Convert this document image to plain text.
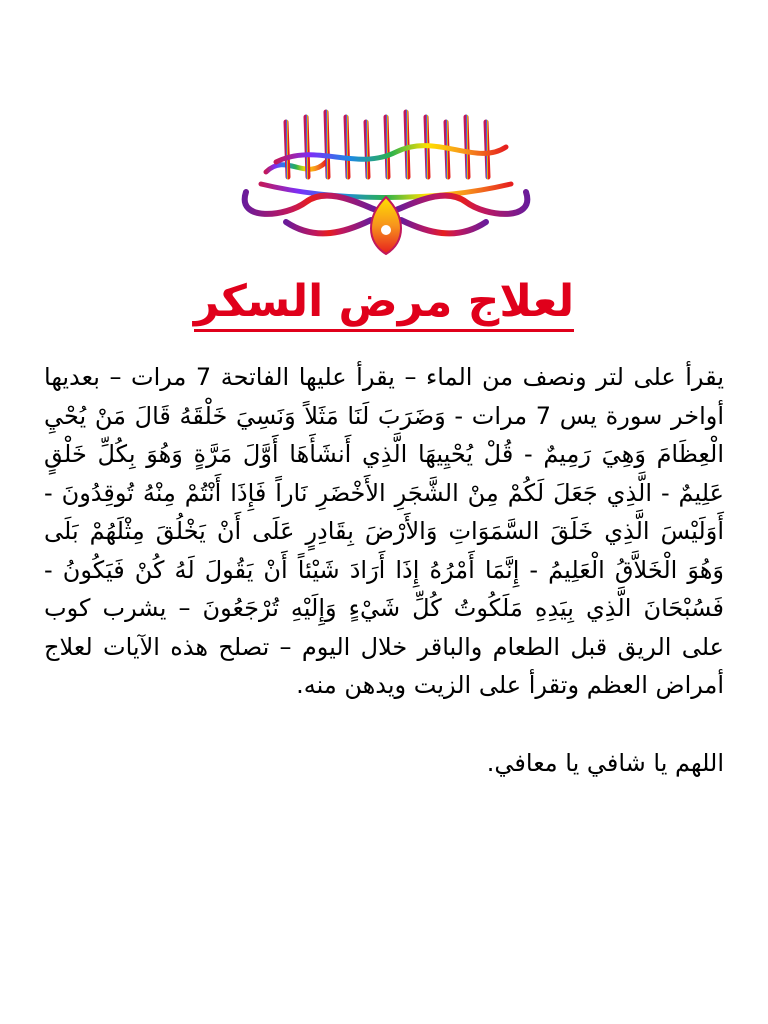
لعلاج مرض السكر
يقرأ على لتر ونصف من الماء – يقرأ عليها الفاتحة 7 مرات – بعديها أواخر سورة يس 7 مرات - وَضَرَبَ لَنَا مَثَلاً وَنَسِيَ خَلْقَهُ قَالَ مَنْ يُحْيِ الْعِظَامَ وَهِيَ رَمِيمٌ - قُلْ يُحْيِيهَا الَّذِي أَنشَأَهَا أَوَّلَ مَرَّةٍ وَهُوَ بِكُلِّ خَلْقٍ عَلِيمٌ - الَّذِي جَعَلَ لَكُمْ مِنْ الشَّجَرِ الأَخْضَرِ نَاراً فَإِذَا أَنْتُمْ مِنْهُ تُوقِدُونَ - أَوَلَيْسَ الَّذِي خَلَقَ السَّمَوَاتِ وَالأَرْضَ بِقَادِرٍ عَلَى أَنْ يَخْلُقَ مِثْلَهُمْ بَلَى وَهُوَ الْخَلاَّقُ الْعَلِيمُ - إِنَّمَا أَمْرُهُ إِذَا أَرَادَ شَيْئاً أَنْ يَقُولَ لَهُ كُنْ فَيَكُونُ - فَسُبْحَانَ الَّذِي بِيَدِهِ مَلَكُوتُ كُلِّ شَيْءٍ وَإِلَيْهِ تُرْجَعُونَ – يشرب كوب على الريق قبل الطعام والباقر خلال اليوم – تصلح هذه الآيات لعلاج أمراض العظم وتقرأ على الزيت ويدهن منه.
اللهم يا شافي يا معافي.
